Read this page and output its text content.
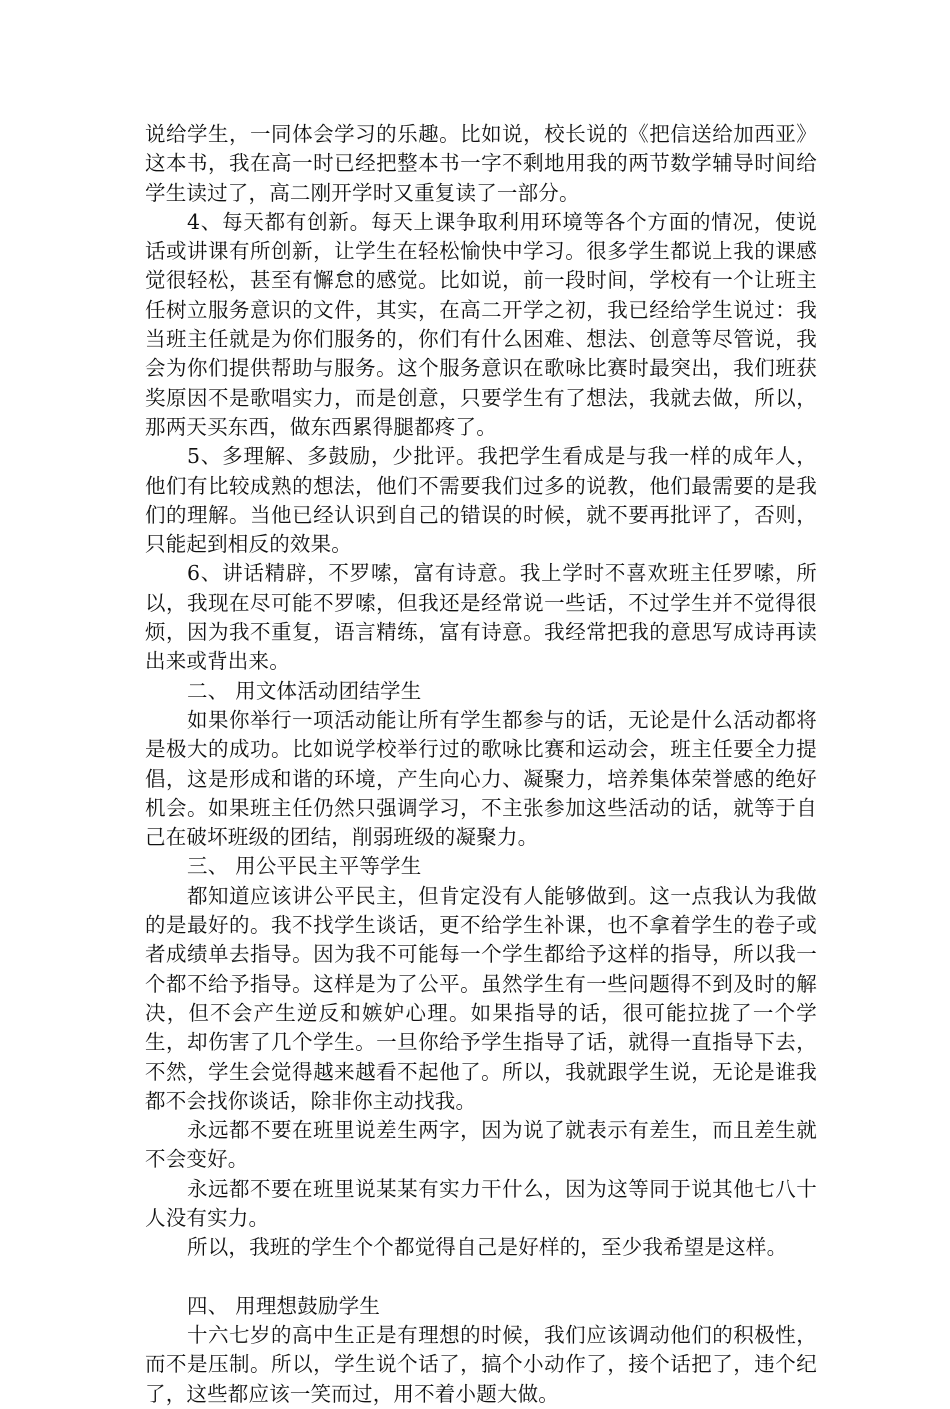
说给学生，一同体会学习的乐趣。比如说，校长说的《把信送给加西亚》这本书，我在高一时已经把整本书一字不剩地用我的两节数学辅导时间给学生读过了，高二刚开学时又重复读了一部分。

4、每天都有创新。每天上课争取利用环境等各个方面的情况，使说话或讲课有所创新，让学生在轻松愉快中学习。很多学生都说上我的课感觉很轻松，甚至有懈怠的感觉。比如说，前一段时间，学校有一个让班主任树立服务意识的文件，其实，在高二开学之初，我已经给学生说过：我当班主任就是为你们服务的，你们有什么困难、想法、创意等尽管说，我会为你们提供帮助与服务。这个服务意识在歌咏比赛时最突出，我们班获奖原因不是歌唱实力，而是创意，只要学生有了想法，我就去做，所以，那两天买东西，做东西累得腿都疼了。

5、多理解、多鼓励，少批评。我把学生看成是与我一样的成年人，他们有比较成熟的想法，他们不需要我们过多的说教，他们最需要的是我们的理解。当他已经认识到自己的错误的时候，就不要再批评了，否则，只能起到相反的效果。

6、讲话精辟，不罗嗦，富有诗意。我上学时不喜欢班主任罗嗦，所以，我现在尽可能不罗嗦，但我还是经常说一些话，不过学生并不觉得很烦，因为我不重复，语言精练，富有诗意。我经常把我的意思写成诗再读出来或背出来。

二、 用文体活动团结学生

如果你举行一项活动能让所有学生都参与的话，无论是什么活动都将是极大的成功。比如说学校举行过的歌咏比赛和运动会，班主任要全力提倡，这是形成和谐的环境，产生向心力、凝聚力，培养集体荣誉感的绝好机会。如果班主任仍然只强调学习，不主张参加这些活动的话，就等于自己在破坏班级的团结，削弱班级的凝聚力。

三、 用公平民主平等学生

都知道应该讲公平民主，但肯定没有人能够做到。这一点我认为我做的是最好的。我不找学生谈话，更不给学生补课，也不拿着学生的卷子或者成绩单去指导。因为我不可能每一个学生都给予这样的指导，所以我一个都不给予指导。这样是为了公平。虽然学生有一些问题得不到及时的解决，但不会产生逆反和嫉妒心理。如果指导的话，很可能拉拢了一个学生，却伤害了几个学生。一旦你给予学生指导了话，就得一直指导下去，不然，学生会觉得越来越看不起他了。所以，我就跟学生说，无论是谁我都不会找你谈话，除非你主动找我。

永远都不要在班里说差生两字，因为说了就表示有差生，而且差生就不会变好。

永远都不要在班里说某某有实力干什么，因为这等同于说其他七八十人没有实力。

所以，我班的学生个个都觉得自己是好样的，至少我希望是这样。

四、 用理想鼓励学生

十六七岁的高中生正是有理想的时候，我们应该调动他们的积极性，而不是压制。所以，学生说个话了，搞个小动作了，接个话把了，违个纪了，这些都应该一笑而过，用不着小题大做。
